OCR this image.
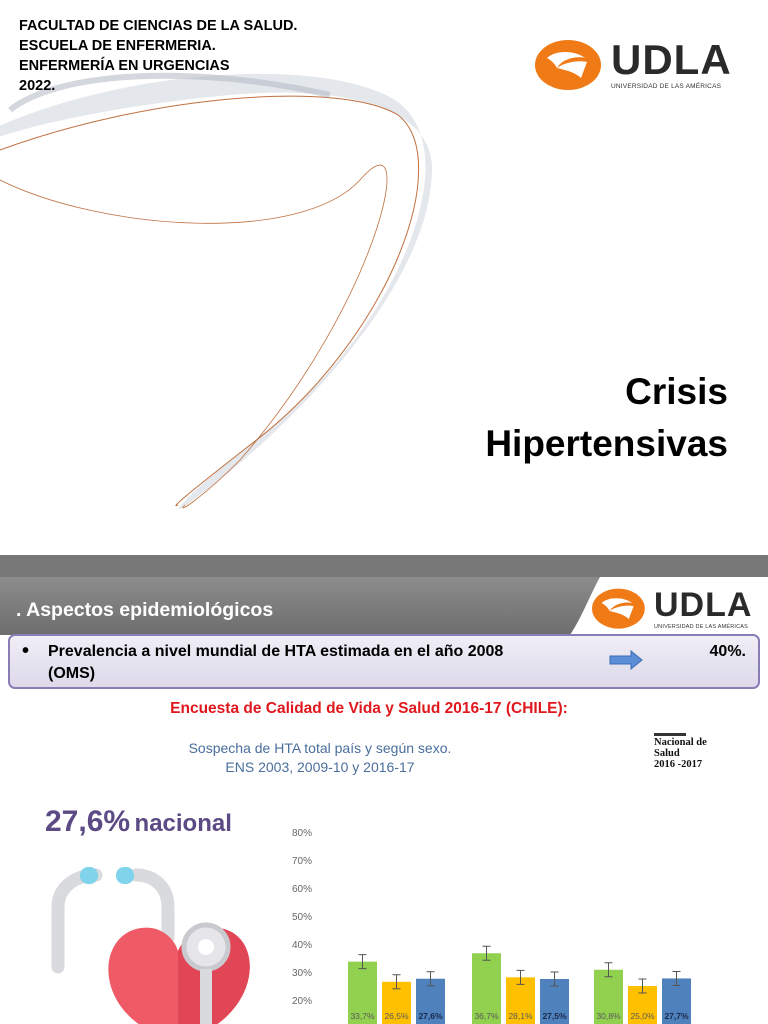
FACULTAD DE CIENCIAS DE LA SALUD.
ESCUELA DE ENFERMERIA.
ENFERMERÍA EN URGENCIAS
2022.
UDLA
UNIVERSIDAD DE LAS AMÉRICAS
Crisis
Hipertensivas
. Aspectos epidemiológicos	UDLA
UNIVERSIDAD DE LAS AMÉRICAS
• Prevalencia a nivel mundial de HTA estimada en el año 2008
(OMS)
40%.
Encuesta de Calidad de Vida y Salud 2016-17 (CHILE):
Sospecha de HTA total país y según sexo.
ENS 2003, 2009-10 y 2016-17
Nacional de
Salud
2016 -2017
27,6% nacional	80%
70%
60%
50%
40%
30%
20%
33,7% 26,5% 27,6%	36,7% 28,1% 27,5%	30,8% 25,0% 27,7%
